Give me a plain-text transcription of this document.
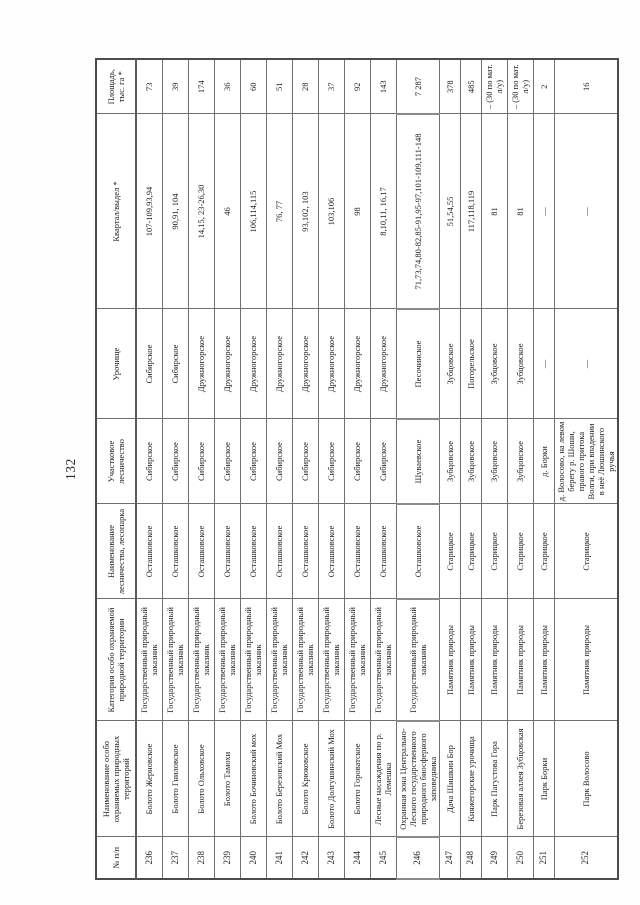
132
№ п/п	Наименование особо охраняемых природных территорий	Категория особо охраняемой природной территории	Наименование лесничества, лесопарка	Участковое лесничество	Урочище	Квартал/выдел *	Площадь, тыс. га *
236	Болото Жерновское	Государственный природный заказник	Осташковское	Сибирское	Сибирское	107-109,93,94	73
237	Болото Гниловское	Государственный природный заказник	Осташковское	Сибирское	Сибирское	90,91, 104	39
238	Болото Ольховское	Государственный природный заказник	Осташковское	Сибирское	Дружногорское	14,15, 23-26,30	174
239	Болото Тамохи	Государственный природный заказник	Осташковское	Сибирское	Дружногорское	46	36
240	Болото Бочиновский мох	Государственный природный заказник	Осташковское	Сибирское	Дружногорское	106,114,115	60
241	Болото Березовский Мох	Государственный природный заказник	Осташковское	Сибирское	Дружногорское	76, 77	51
242	Болото Крюковское	Государственный природный заказник	Осташковское	Сибирское	Дружногорское	93,102, 103	28
243	Болото Долгушинский Мох	Государственный природный заказник	Осташковское	Сибирское	Дружногорское	103,106	37
244	Болото Гороватское	Государственный природный заказник	Осташковское	Сибирское	Дружногорское	98	92
245	Лесные насаждения по р. Лемешка	Государственный природный заказник	Осташковское	Сибирское	Дружногорское	8,10,11, 16,17	143
246	Охранная зона Центрально-Лесного государственного природного биосферного заповедника	Государственный природный заказник	Осташковское	Шуваевское	Песочинское	71,73,74,80-82,85-91,95-97,101-109,111-148	7 287
247	Дача Шишкин Бор	Памятник природы	Старицкое	Зубцовское	Зубцовское	51,54,55	378
248	Княжегорские урочища	Памятник природы	Старицкое	Зубцовское	Погорельское	117,118,119	485
249	Парк Пагустова Гора	Памятник природы	Старицкое	Зубцовское	Зубцовское	81	– (30 по мат. л/у)
250	Березовая аллея Зубцовская	Памятник природы	Старицкое	Зубцовское	Зубцовское	81	– (30 по мат. л/у)
251	Парк Борки	Памятник природы	Старицкое	д. Борки	—	—	2
252	Парк Волосово	Памятник природы	Старицкое	д. Волосово, на левом берегу р. Шоши, правого притока Волги, при впадении в неё Люшинского ручья	—	—	16
